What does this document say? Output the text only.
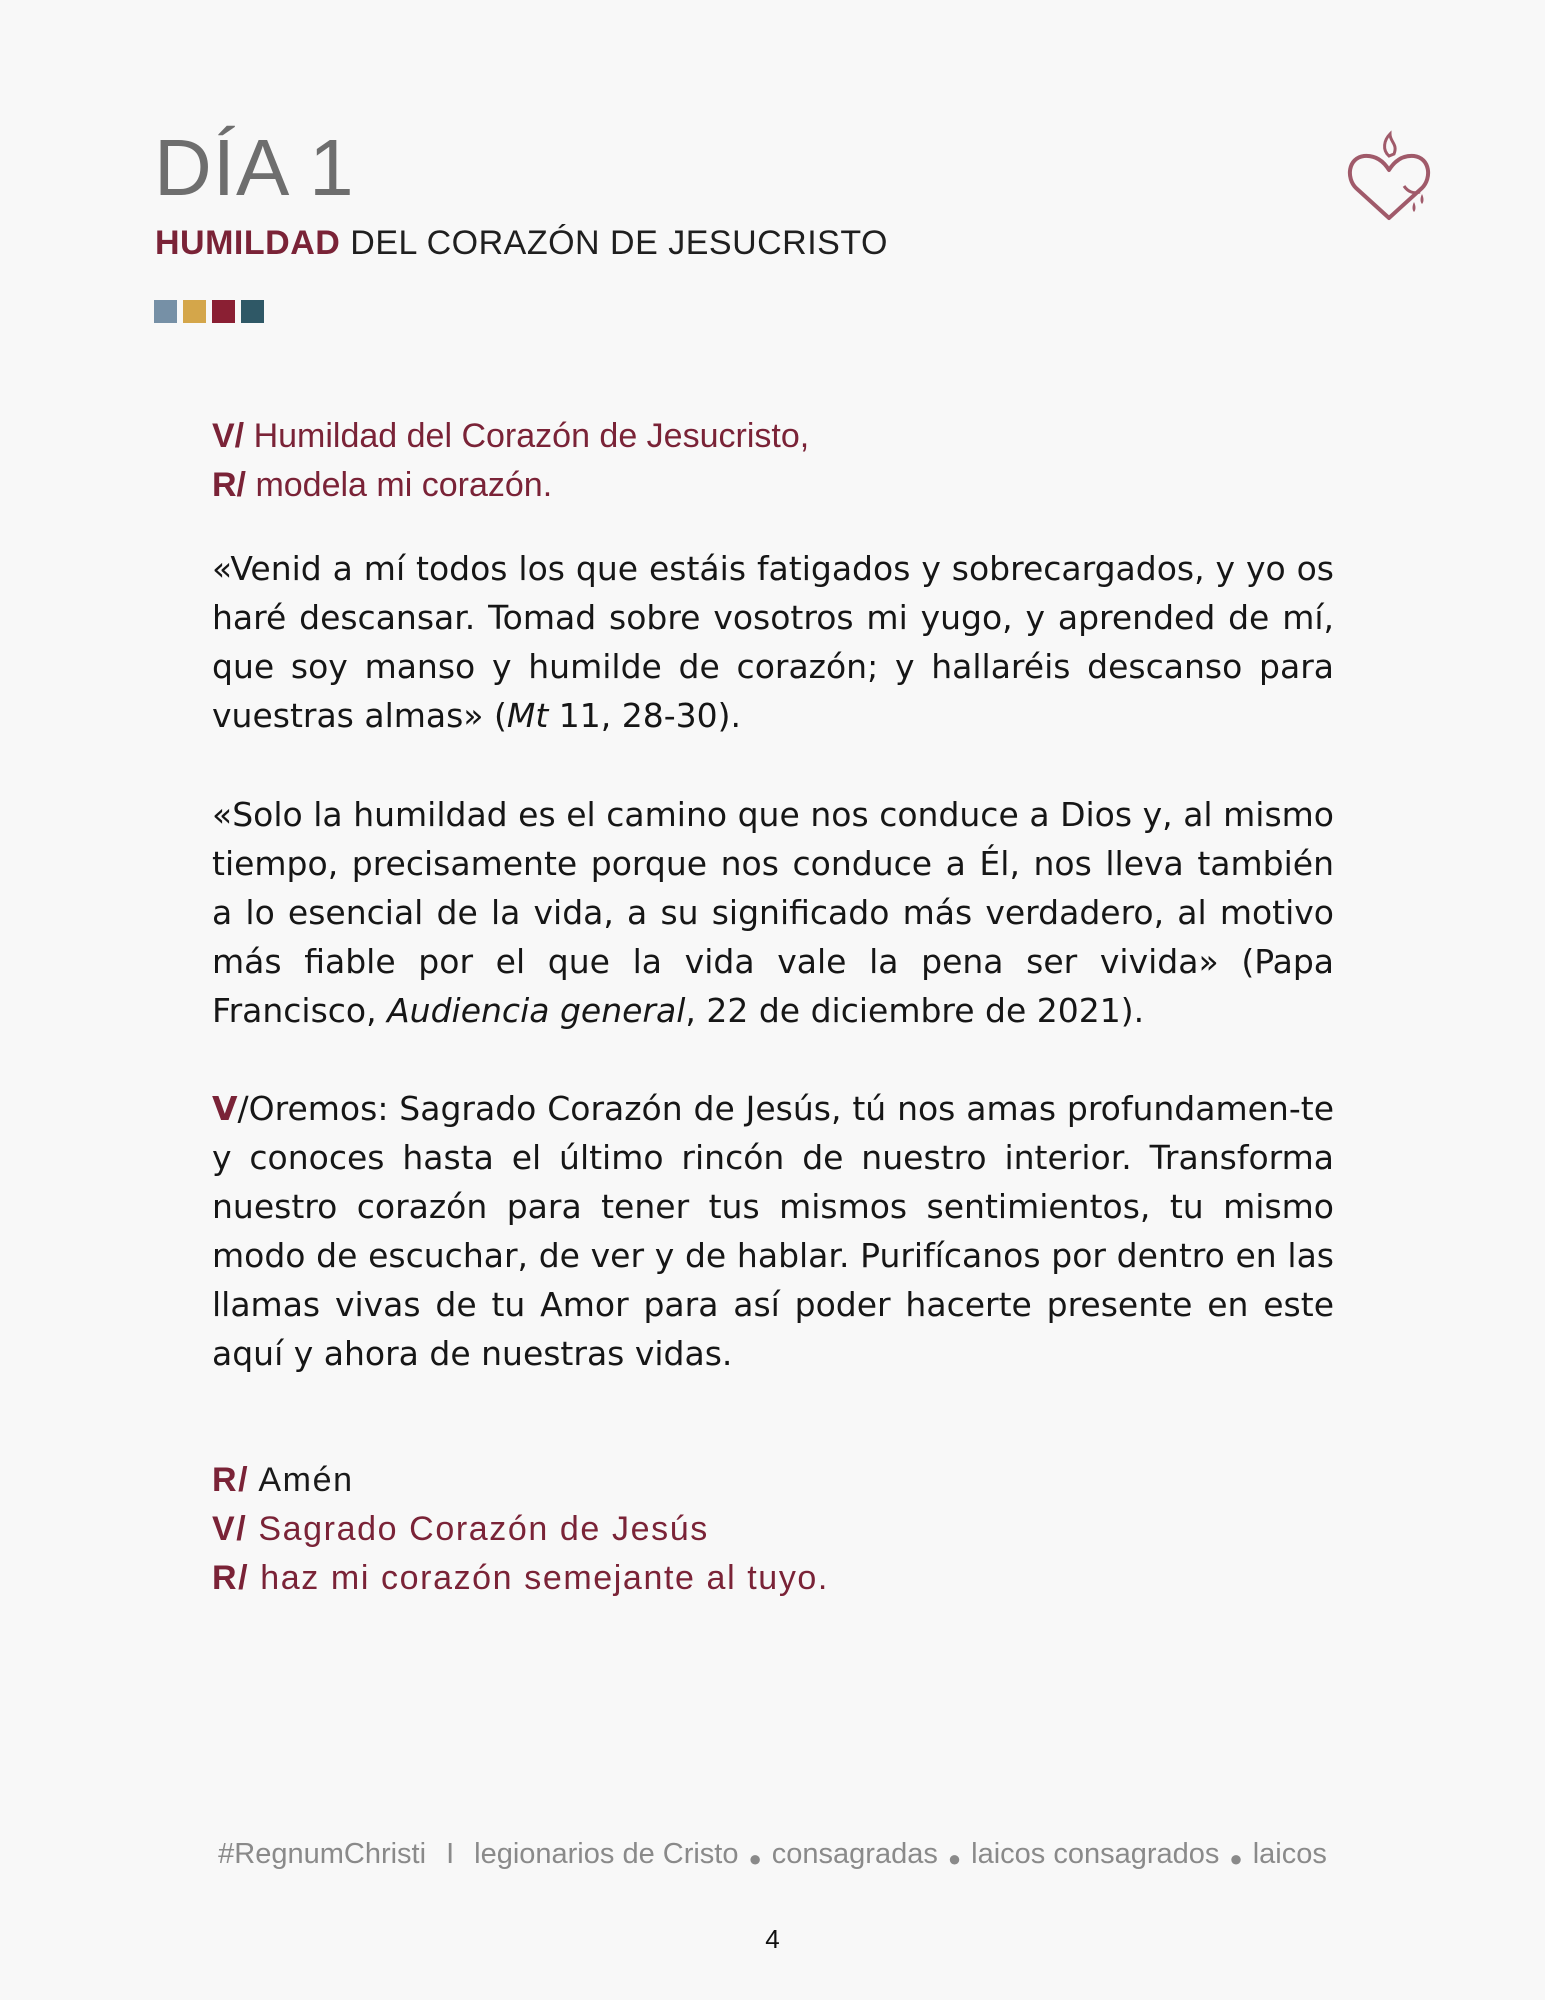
DÍA 1
HUMILDAD DEL CORAZÓN DE JESUCRISTO
V/ Humildad del Corazón de Jesucristo,
R/ modela mi corazón.

«Venid a mí todos los que estáis fatigados y sobrecargados, y yo os haré descansar. Tomad sobre vosotros mi yugo, y aprended de mí, que soy manso y humilde de corazón; y hallaréis descanso para vuestras almas» (Mt 11, 28-30).

«Solo la humildad es el camino que nos conduce a Dios y, al mismo tiempo, precisamente porque nos conduce a Él, nos lleva también a lo esencial de la vida, a su significado más verdadero, al motivo más fiable por el que la vida vale la pena ser vivida» (Papa Francisco, Audiencia general, 22 de diciembre de 2021).

V/Oremos: Sagrado Corazón de Jesús, tú nos amas profundamen-te y conoces hasta el último rincón de nuestro interior. Transforma nuestro corazón para tener tus mismos sentimientos, tu mismo modo de escuchar, de ver y de hablar. Purifícanos por dentro en las llamas vivas de tu Amor para así poder hacerte presente en este aquí y ahora de nuestras vidas.

R/ Amén
V/ Sagrado Corazón de Jesús
R/ haz mi corazón semejante al tuyo.
#RegnumChristi I legionarios de Cristo ● consagradas ● laicos consagrados ● laicos
4
